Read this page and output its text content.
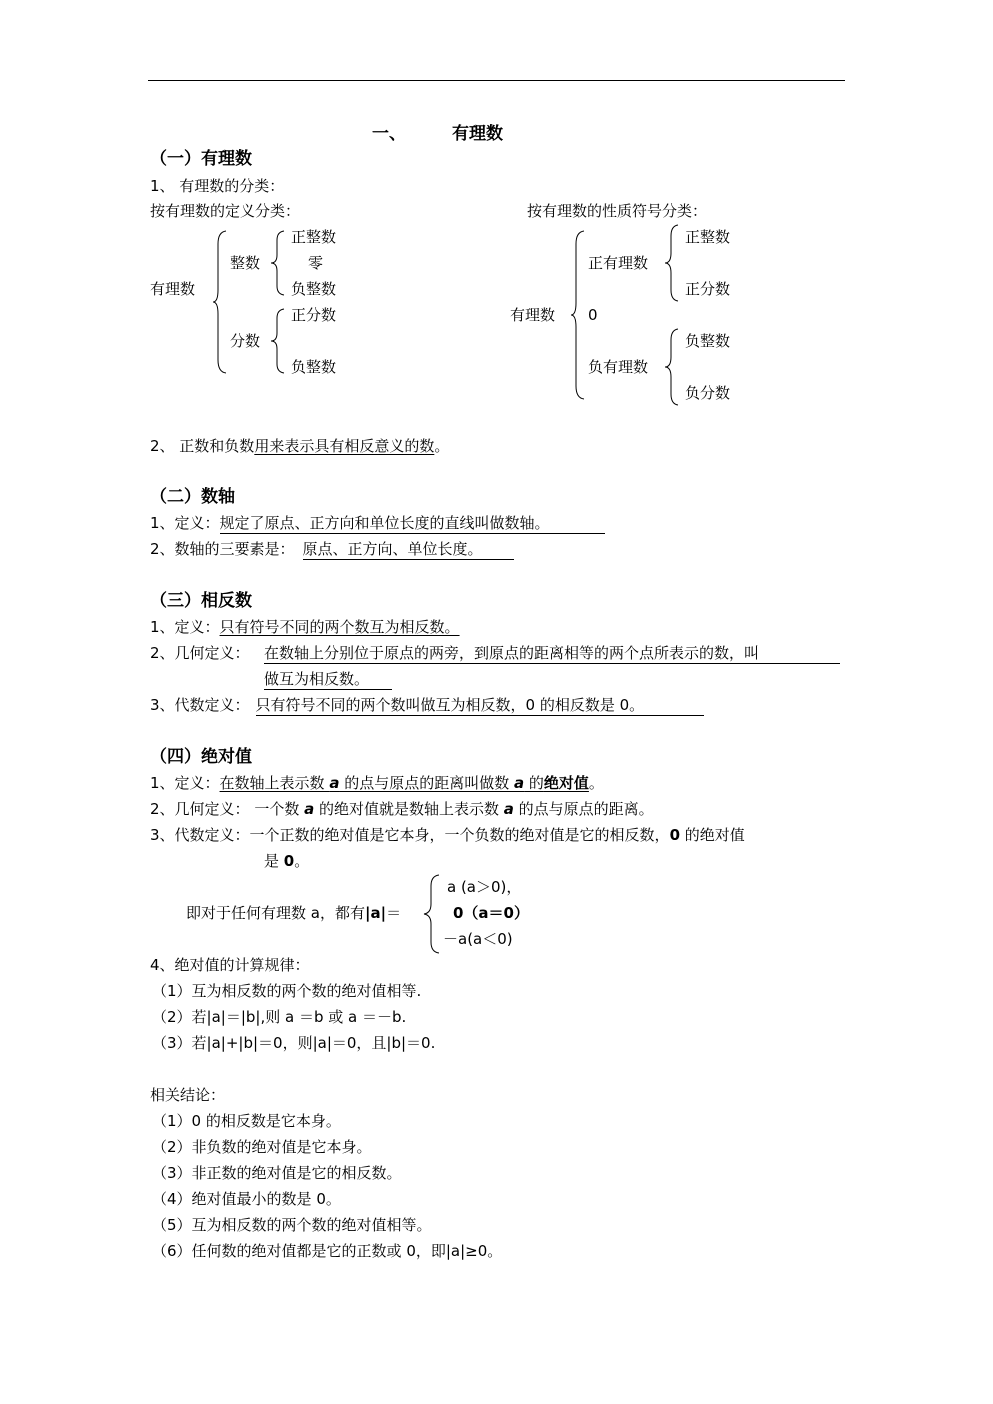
一、	有理数
（一）有理数
1、 有理数的分类：
按有理数的定义分类：	按有理数的性质符号分类：
有理数
整数
正整数
零
负整数
分数
正分数
负整数
有理数
正有理数
正整数
正分数
0
负有理数
负整数
负分数
2、 正数和负数用来表示具有相反意义的数。
（二）数轴
1、定义：规定了原点、正方向和单位长度的直线叫做数轴。
2、数轴的三要素是： 原点、正方向、单位长度。
（三）相反数
1、定义：只有符号不同的两个数互为相反数。
2、几何定义： 在数轴上分别位于原点的两旁，到原点的距离相等的两个点所表示的数，叫
做互为相反数。
3、代数定义：只有符号不同的两个数叫做互为相反数，0 的相反数是 0。
（四）绝对值
1、定义：在数轴上表示数 a 的点与原点的距离叫做数 a 的绝对值。
2、几何定义： 一个数 a 的绝对值就是数轴上表示数 a 的点与原点的距离。
3、代数定义：一个正数的绝对值是它本身，一个负数的绝对值是它的相反数，0 的绝对值
是 0。
即对于任何有理数 a，都有|a|＝
a (a＞0)，
0（a＝0）
－a(a＜0)
4、绝对值的计算规律：
（1）互为相反数的两个数的绝对值相等.
（2）若|a|＝|b|,则 a ＝b 或 a ＝－b.
（3）若|a|+|b|＝0，则|a|＝0，且|b|＝0.
相关结论：
（1）0 的相反数是它本身。
（2）非负数的绝对值是它本身。
（3）非正数的绝对值是它的相反数。
（4）绝对值最小的数是 0。
（5）互为相反数的两个数的绝对值相等。
（6）任何数的绝对值都是它的正数或 0，即|a|≥0。
